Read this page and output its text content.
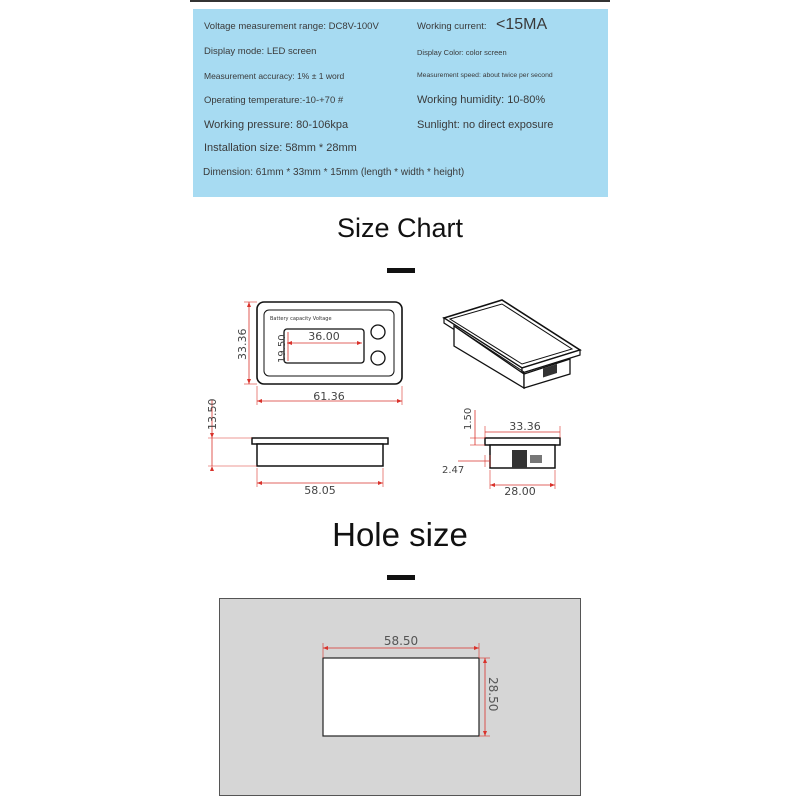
Voltage measurement range: DC8V-100V	Working current: <15MA
Display mode: LED screen	Display Color: color screen
Measurement accuracy: 1% ± 1 word	Measurement speed: about twice per second
Operating temperature:-10-+70 #	Working humidity: 10-80%
Working pressure: 80-106kpa	Sunlight: no direct exposure
Installation size: 58mm * 28mm
Dimension: 61mm * 33mm * 15mm (length * width * height)
Size Chart
Battery capacity Voltage
36.00
19.50
33.36
61.36
13.50
58.05
33.36
1.50
2.47
28.00
Hole size
58.50
28.50
